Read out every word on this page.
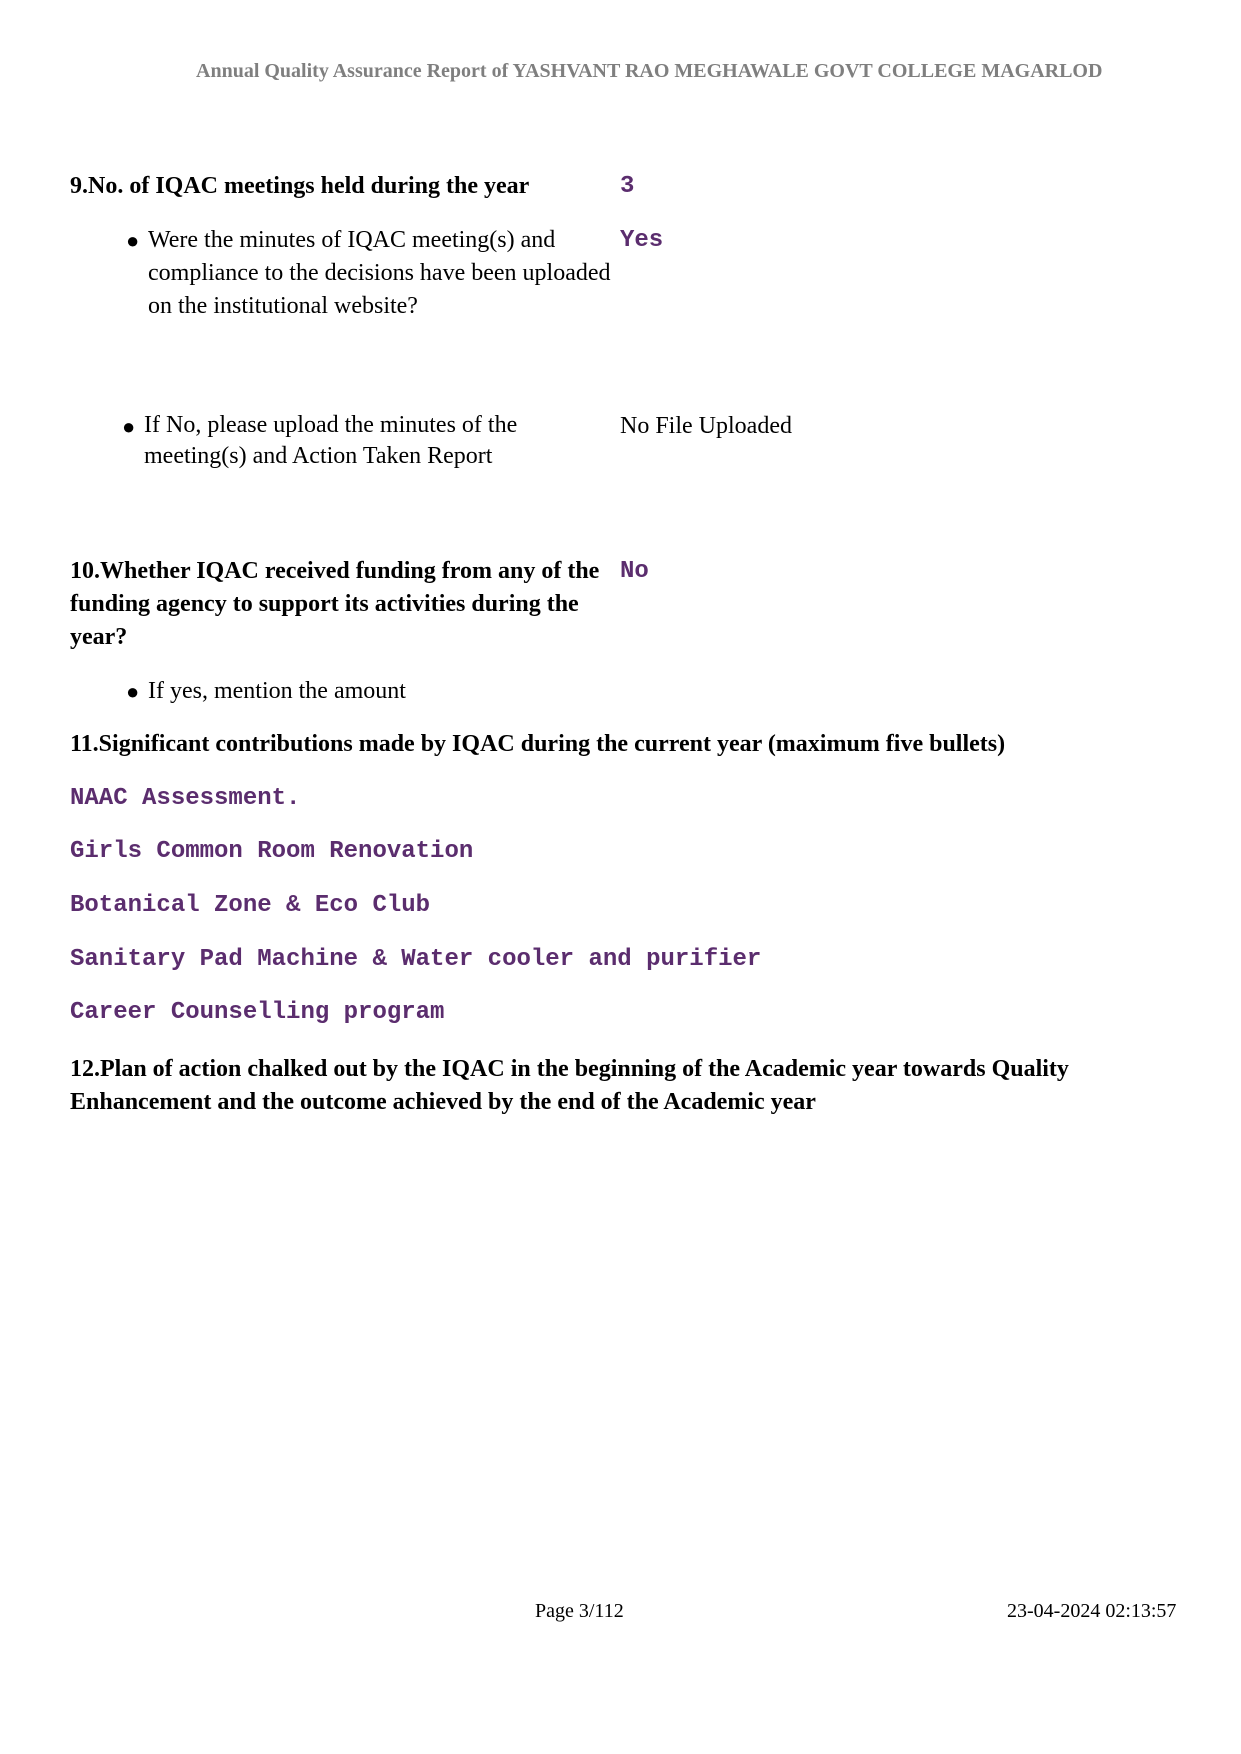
Annual Quality Assurance Report of YASHVANT RAO MEGHAWALE GOVT COLLEGE MAGARLOD
9.No. of IQAC meetings held during the year	3
● Were the minutes of IQAC meeting(s) and compliance to the decisions have been uploaded on the institutional website?
Yes
● If No, please upload the minutes of the meeting(s) and Action Taken Report
No File Uploaded
10.Whether IQAC received funding from any of the funding agency to support its activities during the year?
No
● If yes, mention the amount
11.Significant contributions made by IQAC during the current year (maximum five bullets)
NAAC Assessment.
Girls Common Room Renovation
Botanical Zone & Eco Club
Sanitary Pad Machine & Water cooler and purifier
Career Counselling program
12.Plan of action chalked out by the IQAC in the beginning of the Academic year towards Quality Enhancement and the outcome achieved by the end of the Academic year
Page 3/112	23-04-2024 02:13:57
